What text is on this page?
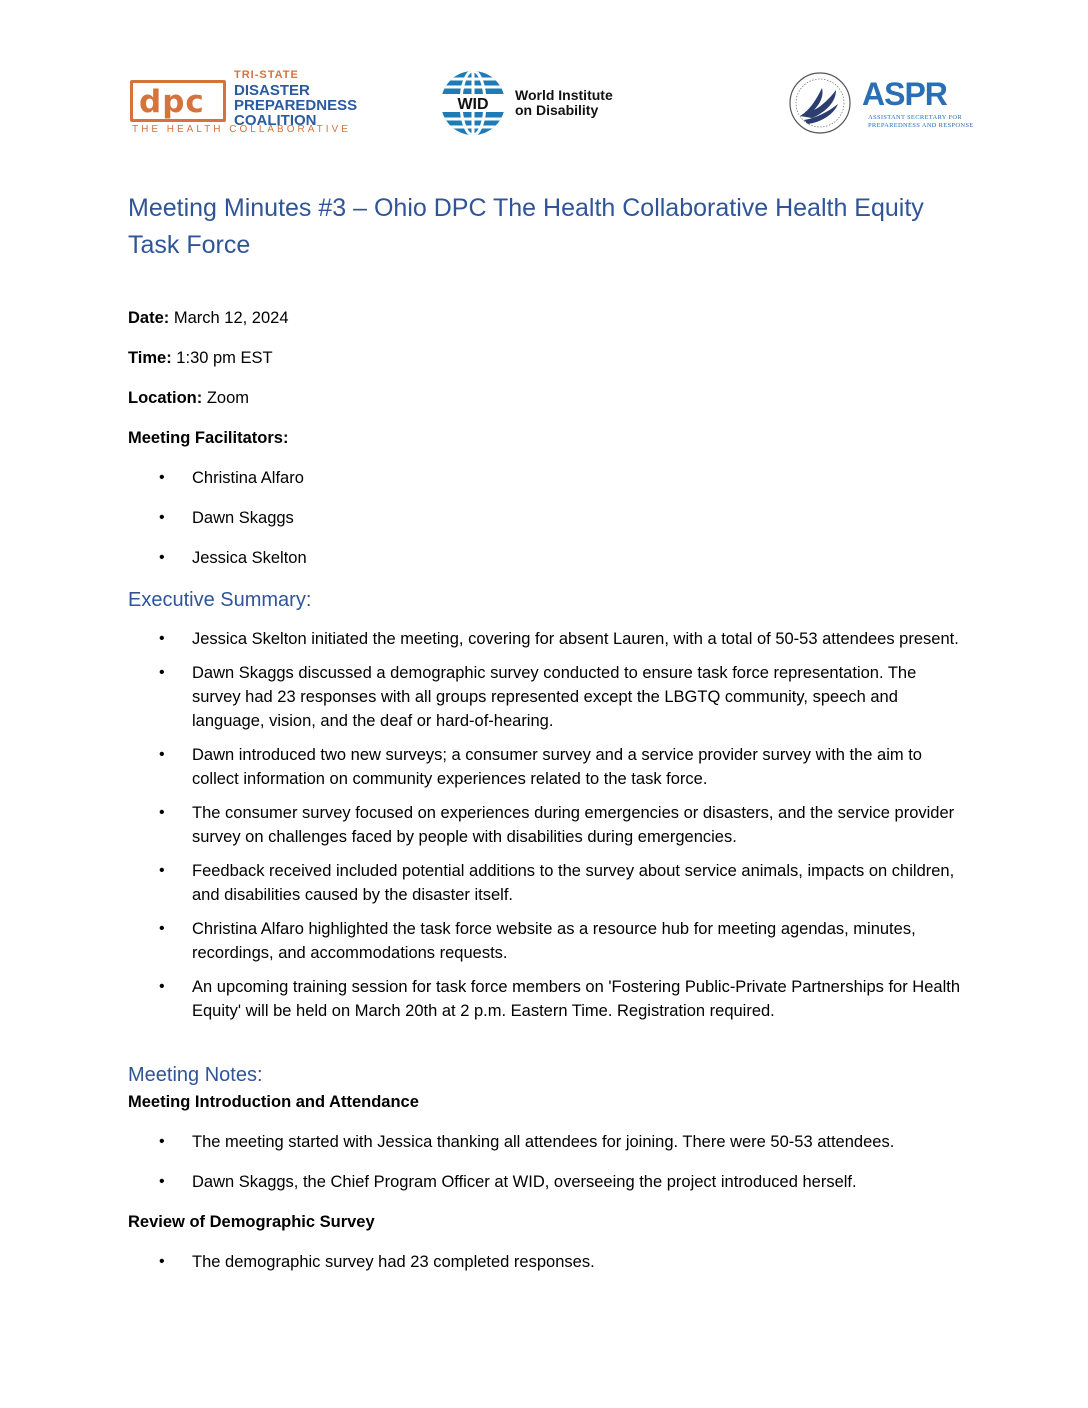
dpc
TRI-STATE
DISASTER
PREPAREDNESS
COALITION
THE HEALTH COLLABORATIVE
WID
World Institute
on Disability	ASPR
ASSISTANT SECRETARY FOR
PREPAREDNESS AND RESPONSE
Meeting Minutes #3 – Ohio DPC The Health Collaborative Health Equity Task Force

Date: March 12, 2024

Time: 1:30 pm EST

Location: Zoom

Meeting Facilitators:

• Christina Alfaro
• Dawn Skaggs
• Jessica Skelton
Executive Summary:
• Jessica Skelton initiated the meeting, covering for absent Lauren, with a total of 50-53 attendees present.
• Dawn Skaggs discussed a demographic survey conducted to ensure task force representation. The survey had 23 responses with all groups represented except the LBGTQ community, speech and language, vision, and the deaf or hard-of-hearing.
• Dawn introduced two new surveys; a consumer survey and a service provider survey with the aim to collect information on community experiences related to the task force.
• The consumer survey focused on experiences during emergencies or disasters, and the service provider survey on challenges faced by people with disabilities during emergencies.
• Feedback received included potential additions to the survey about service animals, impacts on children, and disabilities caused by the disaster itself.
• Christina Alfaro highlighted the task force website as a resource hub for meeting agendas, minutes, recordings, and accommodations requests.
• An upcoming training session for task force members on 'Fostering Public-Private Partnerships for Health Equity' will be held on March 20th at 2 p.m. Eastern Time. Registration required.
Meeting Notes:

Meeting Introduction and Attendance

• The meeting started with Jessica thanking all attendees for joining. There were 50-53 attendees.
• Dawn Skaggs, the Chief Program Officer at WID, overseeing the project introduced herself.

Review of Demographic Survey

• The demographic survey had 23 completed responses.
